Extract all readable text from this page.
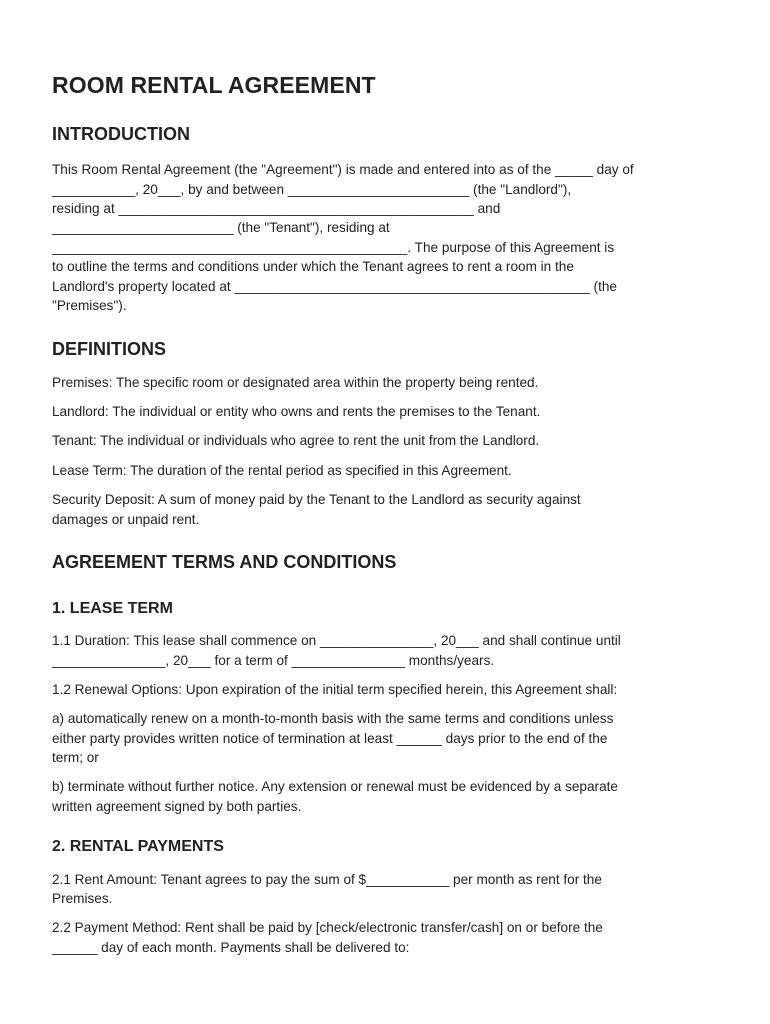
ROOM RENTAL AGREEMENT
INTRODUCTION

This Room Rental Agreement (the "Agreement") is made and entered into as of the _____ day of

___________, 20___, by and between ________________________ (the "Landlord"),

residing at _______________________________________________ and

________________________ (the "Tenant"), residing at

_______________________________________________. The purpose of this Agreement is

to outline the terms and conditions under which the Tenant agrees to rent a room in the

Landlord's property located at _______________________________________________ (the

"Premises").

DEFINITIONS

Premises: The specific room or designated area within the property being rented.

Landlord: The individual or entity who owns and rents the premises to the Tenant.

Tenant: The individual or individuals who agree to rent the unit from the Landlord.

Lease Term: The duration of the rental period as specified in this Agreement.

Security Deposit: A sum of money paid by the Tenant to the Landlord as security against

damages or unpaid rent.

AGREEMENT TERMS AND CONDITIONS
1. LEASE TERM

1.1 Duration: This lease shall commence on _______________, 20___ and shall continue until

_______________, 20___ for a term of _______________ months/years.

1.2 Renewal Options: Upon expiration of the initial term specified herein, this Agreement shall:

a) automatically renew on a month-to-month basis with the same terms and conditions unless

either party provides written notice of termination at least ______ days prior to the end of the

term; or

b) terminate without further notice. Any extension or renewal must be evidenced by a separate

written agreement signed by both parties.

2. RENTAL PAYMENTS

2.1 Rent Amount: Tenant agrees to pay the sum of $___________ per month as rent for the

Premises.

2.2 Payment Method: Rent shall be paid by [check/electronic transfer/cash] on or before the

______ day of each month. Payments shall be delivered to:
